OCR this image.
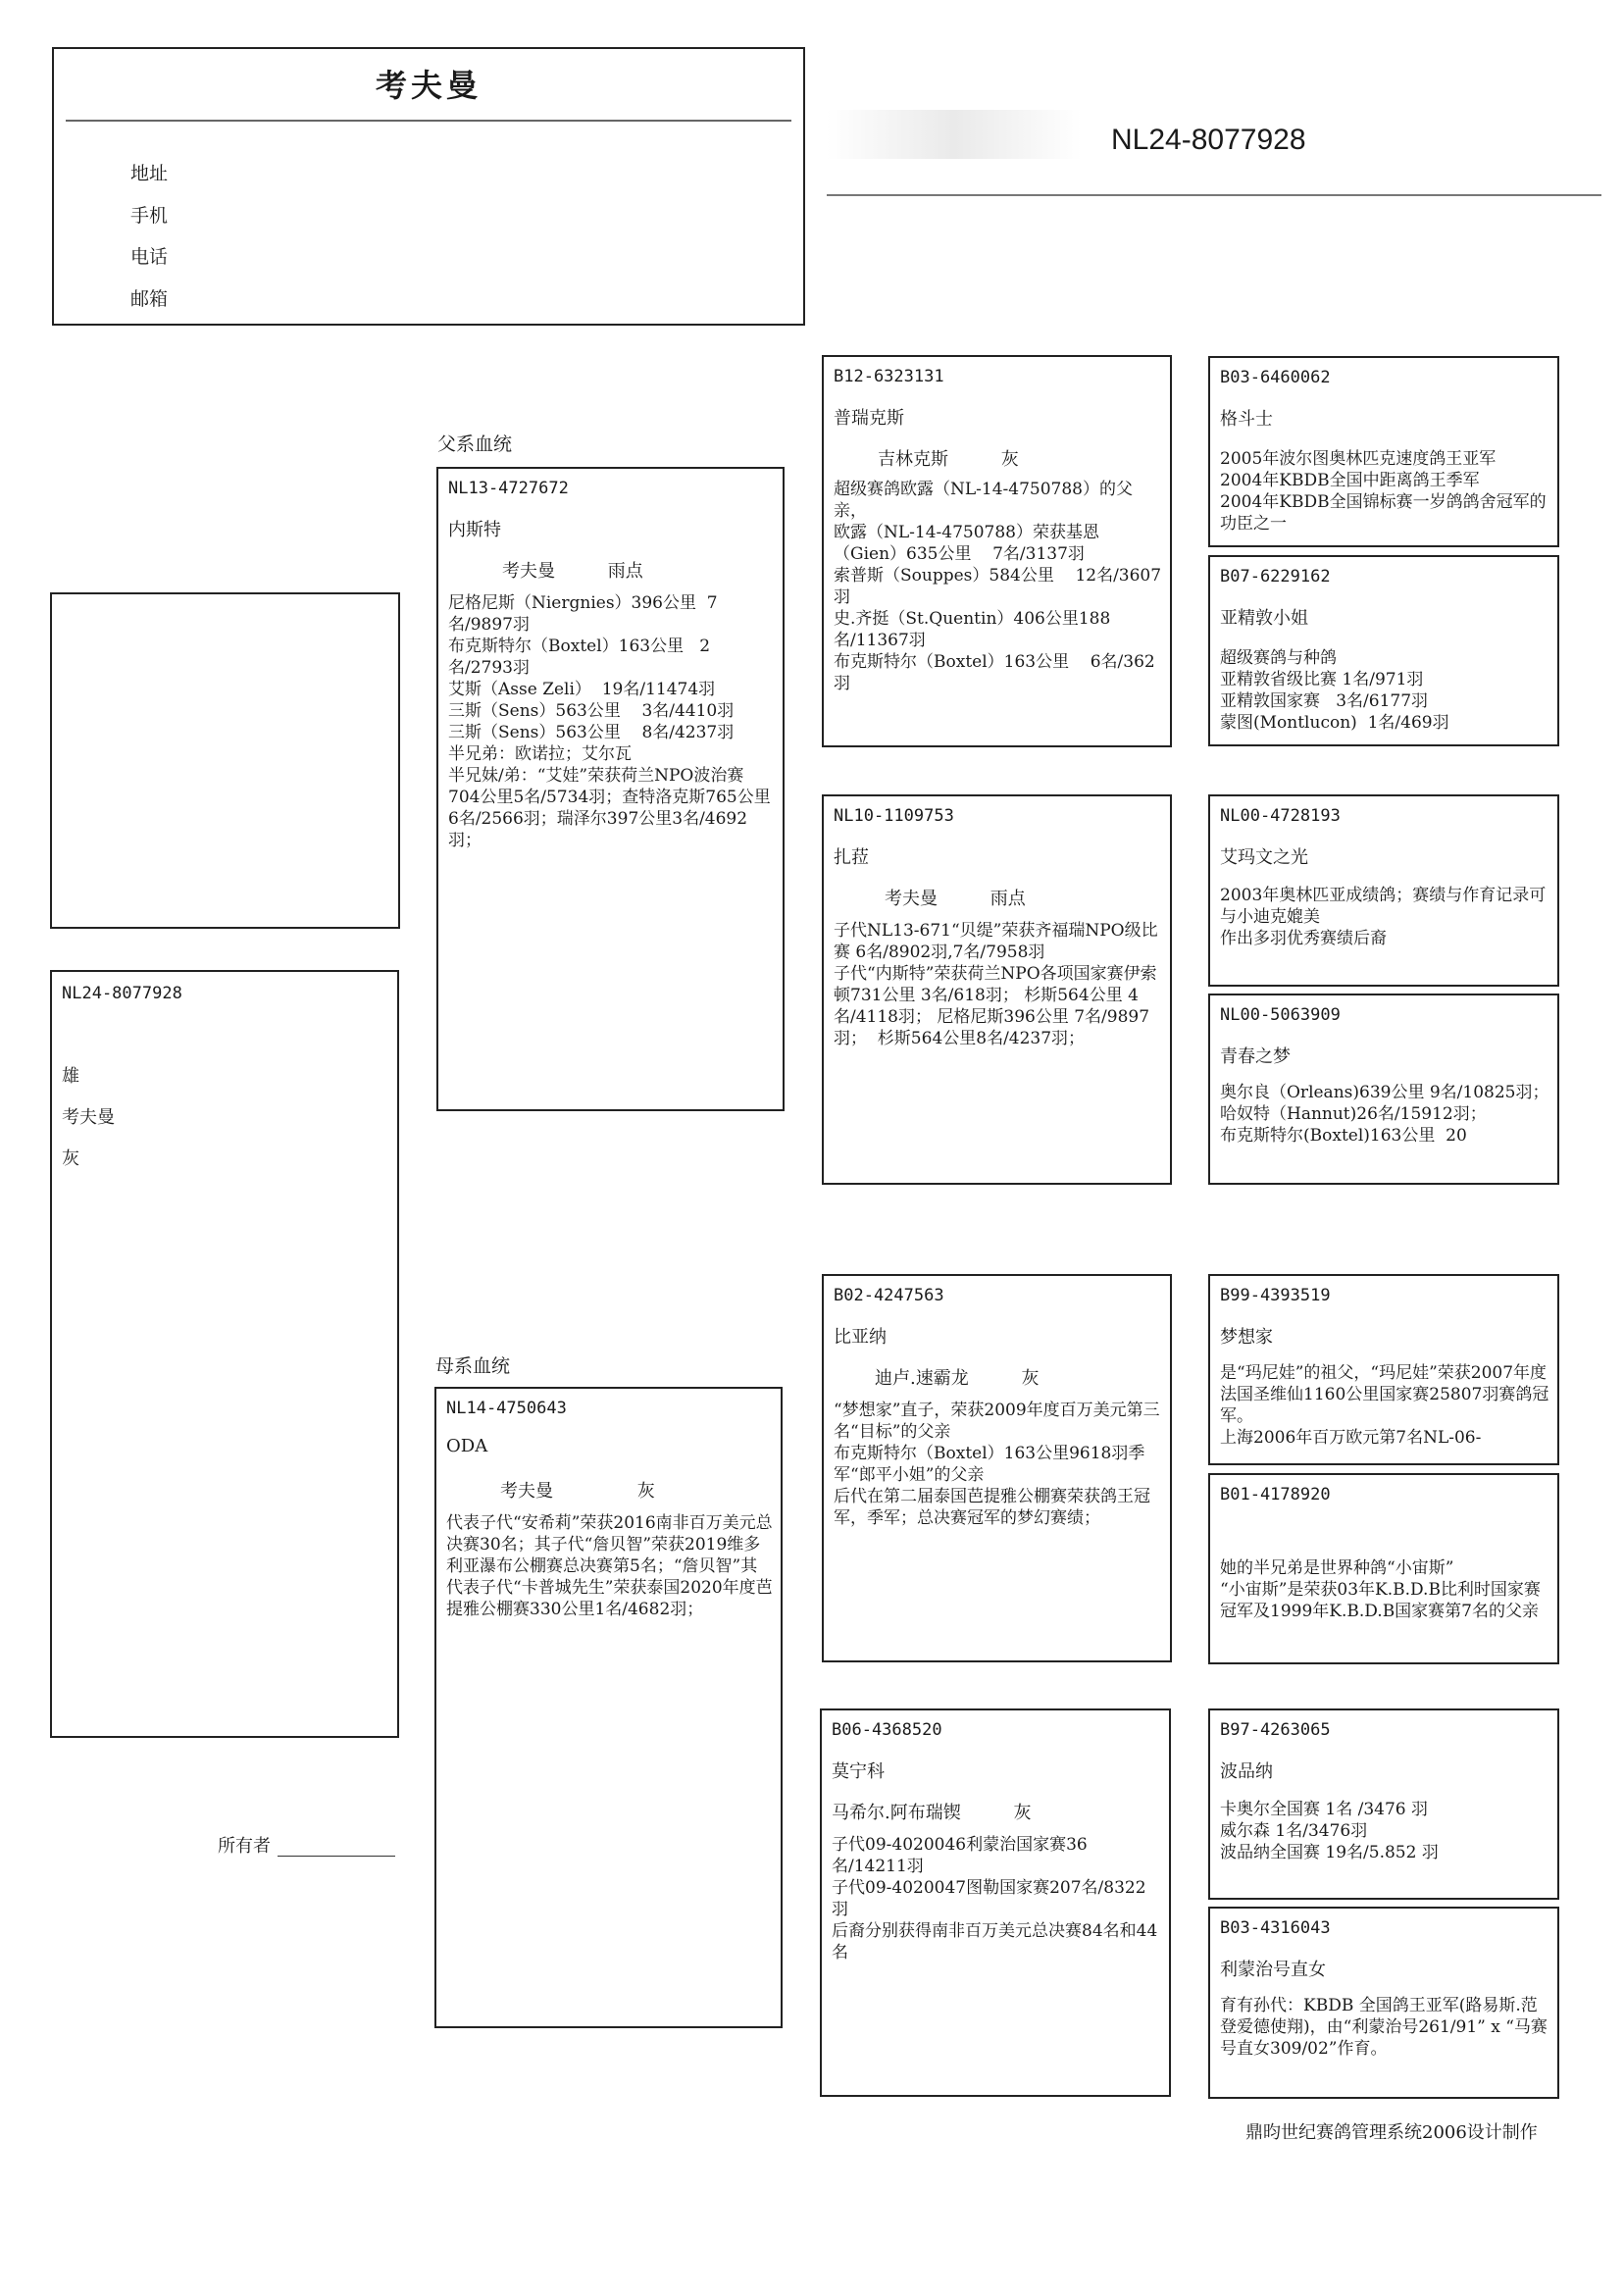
考夫曼
地址
手机
电话
邮箱
NL24-8077928
NL24-8077928
雄
考夫曼
灰
父系血统
母系血统
NL13-4727672
内斯特
考夫曼	雨点
尼格尼斯（Niergnies）396公里  7名/9897羽
布克斯特尔（Boxtel）163公里   2名/2793羽
艾斯（Asse Zeli）  19名/11474羽
三斯（Sens）563公里    3名/4410羽
三斯（Sens）563公里    8名/4237羽
半兄弟：欧诺拉；艾尔瓦
半兄妹/弟：“艾娃”荣获荷兰NPO波治赛704公里5名/5734羽；查特洛克斯765公里6名/2566羽；瑞泽尔397公里3名/4692羽；
NL14-4750643
ODA
考夫曼	灰
代表子代“安希莉”荣获2016南非百万美元总决赛30名；其子代“詹贝智”荣获2019维多利亚瀑布公棚赛总决赛第5名；“詹贝智”其代表子代“卡普城先生”荣获泰国2020年度芭提雅公棚赛330公里1名/4682羽；
B12-6323131
普瑞克斯
吉林克斯	灰
超级赛鸽欧露（NL-14-4750788）的父亲，
欧露（NL-14-4750788）荣获基恩（Gien）635公里    7名/3137羽
索普斯（Souppes）584公里    12名/3607羽
史.齐挺（St.Quentin）406公里188名/11367羽
布克斯特尔（Boxtel）163公里    6名/362羽
NL10-1109753
扎菈
考夫曼	雨点
子代NL13-671“贝缇”荣获齐福瑞NPO级比赛 6名/8902羽,7名/7958羽
子代“内斯特”荣获荷兰NPO各项国家赛伊索顿731公里 3名/618羽； 杉斯564公里 4名/4118羽； 尼格尼斯396公里 7名/9897羽；  杉斯564公里8名/4237羽；
B02-4247563
比亚纳
迪卢.速霸龙	灰
“梦想家”直子，荣获2009年度百万美元第三名“目标”的父亲
布克斯特尔（Boxtel）163公里9618羽季军“郎平小姐”的父亲
后代在第二届泰国芭提雅公棚赛荣获鸽王冠军，季军；总决赛冠军的梦幻赛绩；
B06-4368520
莫宁科
马希尔.阿布瑞锲	灰
子代09-4020046利蒙治国家赛36名/14211羽
子代09-4020047图勒国家赛207名/8322羽
后裔分别获得南非百万美元总决赛84名和44名
B03-6460062
格斗士
2005年波尔图奥林匹克速度鸽王亚军
2004年KBDB全国中距离鸽王季军
2004年KBDB全国锦标赛一岁鸽鸽舍冠军的功臣之一
B07-6229162
亚精敦小姐
超级赛鸽与种鸽
亚精敦省级比赛 1名/971羽
亚精敦国家赛   3名/6177羽
蒙图(Montlucon)  1名/469羽
NL00-4728193
艾玛文之光
2003年奥林匹亚成绩鸽；赛绩与作育记录可与小迪克媲美
作出多羽优秀赛绩后裔
NL00-5063909
青春之梦
奥尔良（Orleans)639公里 9名/10825羽；
哈奴特（Hannut)26名/15912羽；
布克斯特尔(Boxtel)163公里  20
B99-4393519
梦想家
是“玛尼娃”的祖父，“玛尼娃”荣获2007年度法国圣维仙1160公里国家赛25807羽赛鸽冠军。
上海2006年百万欧元第7名NL-06-
B01-4178920
她的半兄弟是世界种鸽“小宙斯”
“小宙斯”是荣获03年K.B.D.B比利时国家赛冠军及1999年K.B.D.B国家赛第7名的父亲
B97-4263065
波品纳
卡奥尔全国赛 1名 /3476 羽
威尔森 1名/3476羽
波品纳全国赛 19名/5.852 羽
B03-4316043
利蒙治号直女
育有孙代：KBDB 全国鸽王亚军(路易斯.范登爱德使翔)，由“利蒙治号261/91” x “马赛号直女309/02”作育。
所有者
鼎昀世纪赛鸽管理系统2006设计制作
